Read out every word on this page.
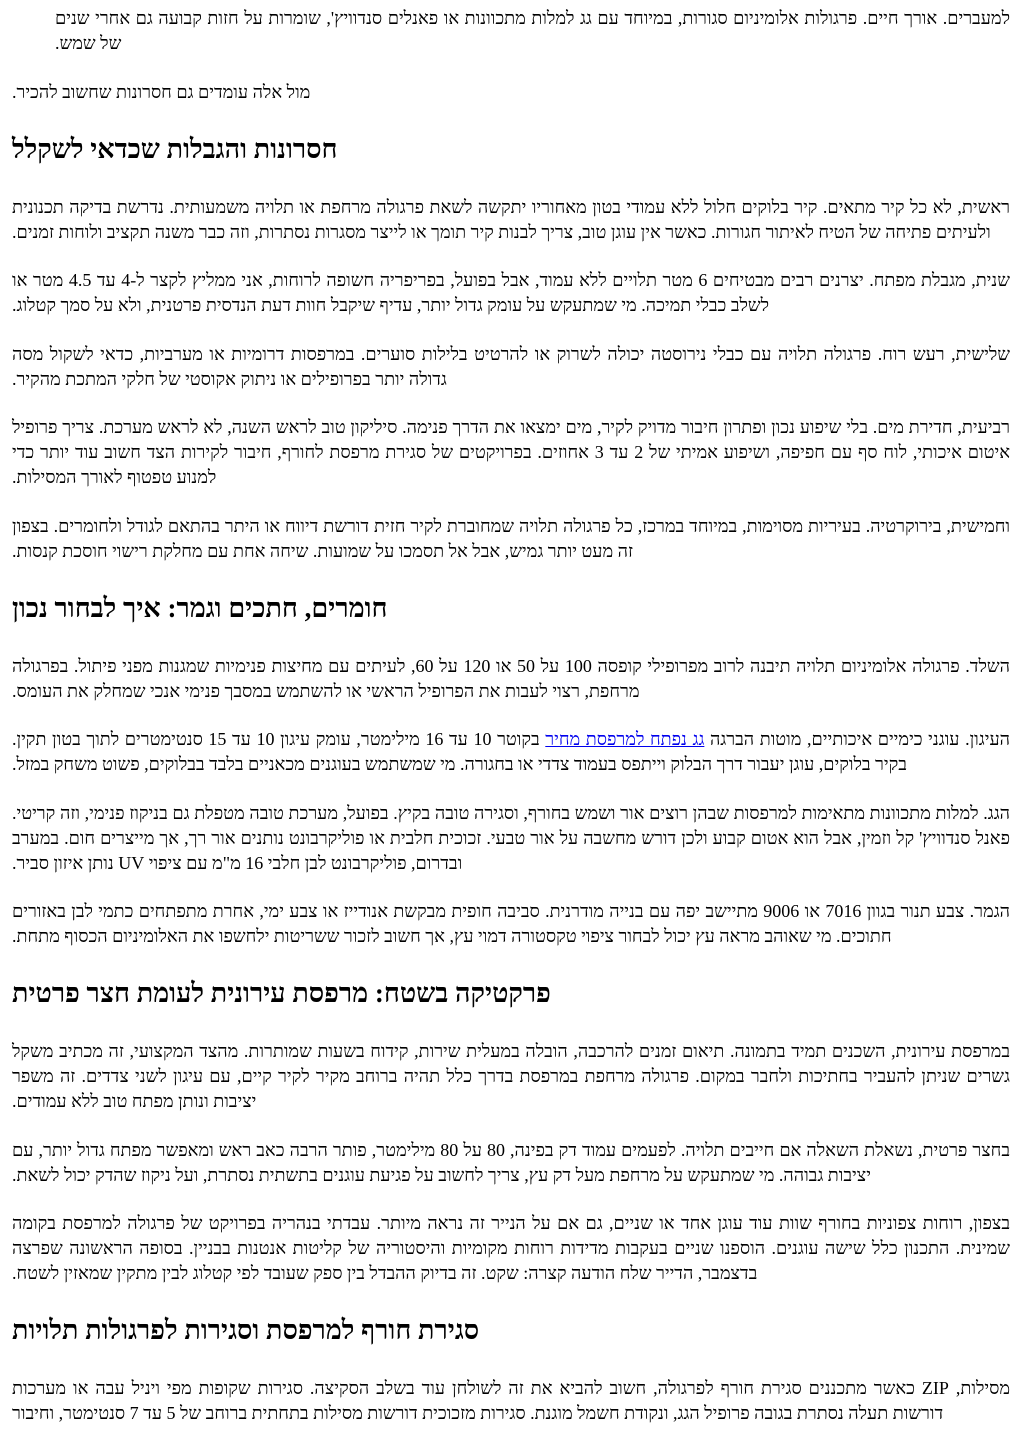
למעברים. אורך חיים. פרגולות אלומיניום סגורות, במיוחד עם גג למלות מתכוונות או פאנלים סנדוויץ', שומרות על חזות קבועה גם אחרי שנים של שמש.

מול אלה עומדים גם חסרונות שחשוב להכיר.

חסרונות והגבלות שכדאי לשקלל

ראשית, לא כל קיר מתאים. קיר בלוקים חלול ללא עמודי בטון מאחוריו יתקשה לשאת פרגולה מרחפת או תלויה משמעותית. נדרשת בדיקה תכנונית ולעיתים פתיחה של הטיח לאיתור חגורות. כאשר אין עוגן טוב, צריך לבנות קיר תומך או לייצר מסגרות נסתרות, וזה כבר משנה תקציב ולוחות זמנים.

שנית, מגבלת מפתח. יצרנים רבים מבטיחים 6 מטר תלויים ללא עמוד, אבל בפועל, בפריפריה חשופה לרוחות, אני ממליץ לקצר ל-4 עד 4.5 מטר או לשלב כבלי תמיכה. מי שמתעקש על עומק גדול יותר, עדיף שיקבל חוות דעת הנדסית פרטנית, ולא על סמך קטלוג.

שלישית, רעש רוח. פרגולה תלויה עם כבלי נירוסטה יכולה לשרוק או להרטיט בלילות סוערים. במרפסות דרומיות או מערביות, כדאי לשקול מסה גדולה יותר בפרופילים או ניתוק אקוסטי של חלקי המתכת מהקיר.

רביעית, חדירת מים. בלי שיפוע נכון ופתרון חיבור מדויק לקיר, מים ימצאו את הדרך פנימה. סיליקון טוב לראש השנה, לא לראש מערכת. צריך פרופיל איטום איכותי, לוח סף עם חפיפה, ושיפוע אמיתי של 2 עד 3 אחוזים. בפרויקטים של סגירת מרפסת לחורף, חיבור לקירות הצד חשוב עוד יותר כדי למנוע טפטוף לאורך המסילות.

וחמישית, בירוקרטיה. בעיריות מסוימות, במיוחד במרכז, כל פרגולה תלויה שמחוברת לקיר חזית דורשת דיווח או היתר בהתאם לגודל ולחומרים. בצפון זה מעט יותר גמיש, אבל אל תסמכו על שמועות. שיחה אחת עם מחלקת רישוי חוסכת קנסות.

חומרים, חתכים וגמר: איך לבחור נכון

השלד. פרגולה אלומיניום תלויה תיבנה לרוב מפרופילי קופסה 100 על 50 או 120 על 60, לעיתים עם מחיצות פנימיות שמגנות מפני פיתול. בפרגולה מרחפת, רצוי לעבות את הפרופיל הראשי או להשתמש במסבך פנימי אנכי שמחלק את העומס.

העיגון. עוגני כימיים איכותיים, מוטות הברגה גג נפתח למרפסת מחיר בקוטר 10 עד 16 מילימטר, עומק עיגון 10 עד 15 סנטימטרים לתוך בטון תקין. בקיר בלוקים, עוגן יעבור דרך הבלוק וייתפס בעמוד צדדי או בחגורה. מי שמשתמש בעוגנים מכאניים בלבד בבלוקים, פשוט משחק במזל.

הגג. למלות מתכוונות מתאימות למרפסות שבהן רוצים אור ושמש בחורף, וסגירה טובה בקיץ. בפועל, מערכת טובה מטפלת גם בניקוז פנימי, וזה קריטי. פאנל סנדוויץ' קל וזמין, אבל הוא אטום קבוע ולכן דורש מחשבה על אור טבעי. זכוכית חלבית או פוליקרבונט נותנים אור רך, אך מייצרים חום. במערב ובדרום, פוליקרבונט לבן חלבי 16 מ"מ עם ציפוי UV נותן איזון סביר.

הגמר. צבע תנור בגוון 7016 או 9006 מתיישב יפה עם בנייה מודרנית. סביבה חופית מבקשת אנודייז או צבע ימי, אחרת מתפתחים כתמי לבן באזורים חתוכים. מי שאוהב מראה עץ יכול לבחור ציפוי טקסטורה דמוי עץ, אך חשוב לזכור ששריטות ילחשפו את האלומיניום הכסוף מתחת.

פרקטיקה בשטח: מרפסת עירונית לעומת חצר פרטית

במרפסת עירונית, השכנים תמיד בתמונה. תיאום זמנים להרכבה, הובלה במעלית שירות, קידוח בשעות שמותרות. מהצד המקצועי, זה מכתיב משקל גשרים שניתן להעביר בחתיכות ולחבר במקום. פרגולה מרחפת במרפסת בדרך כלל תהיה ברוחב מקיר לקיר קיים, עם עיגון לשני צדדים. זה משפר יציבות ונותן מפתח טוב ללא עמודים.

בחצר פרטית, נשאלת השאלה אם חייבים תלויה. לפעמים עמוד דק בפינה, 80 על 80 מילימטר, פותר הרבה כאב ראש ומאפשר מפתח גדול יותר, עם יציבות גבוהה. מי שמתעקש על מרחפת מעל דק עץ, צריך לחשוב על פגיעת עוגנים בתשתית נסתרת, ועל ניקוז שהדק יכול לשאת.

בצפון, רוחות צפוניות בחורף שוות עוד עוגן אחד או שניים, גם אם על הנייר זה נראה מיותר. עבדתי בנהריה בפרויקט של פרגולה למרפסת בקומה שמינית. התכנון כלל שישה עוגנים. הוספנו שניים בעקבות מדידות רוחות מקומיות והיסטוריה של קליטות אנטנות בבניין. בסופה הראשונה שפרצה בדצמבר, הדייר שלח הודעה קצרה: שקט. זה בדיוק ההבדל בין ספק שעובד לפי קטלוג לבין מתקין שמאזין לשטח.

סגירת חורף למרפסת וסגירות לפרגולות תלויות

מסילות, ZIP כאשר מתכננים סגירת חורף לפרגולה, חשוב להביא את זה לשולחן עוד בשלב הסקיצה. סגירות שקופות מפי ויניל עבה או מערכות דורשות תעלה נסתרת בגובה פרופיל הגג, ונקודת חשמל מוגנת. סגירות מזכוכית דורשות מסילות בתחתית ברוחב של 5 עד 7 סנטימטר, וחיבור
